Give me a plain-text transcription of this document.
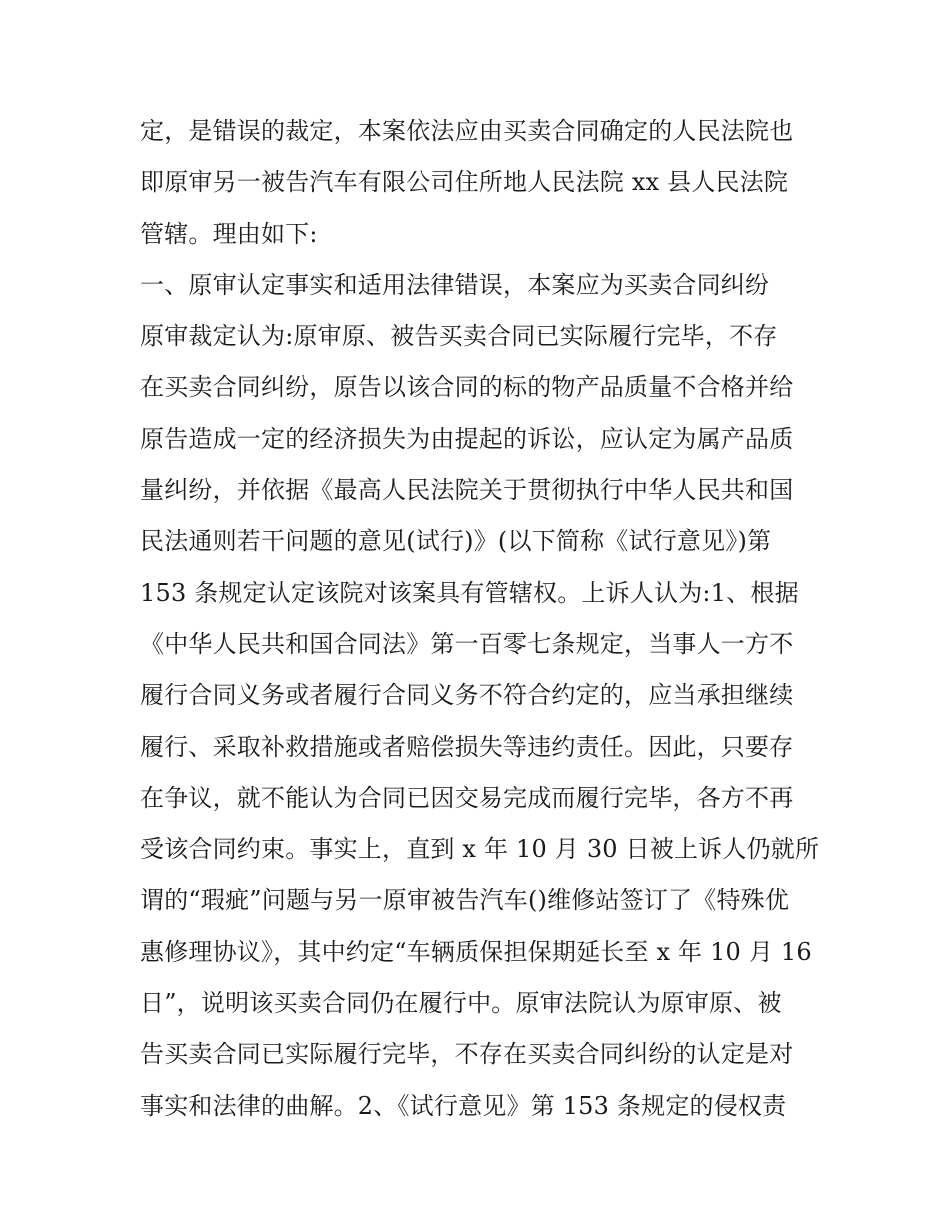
定，是错误的裁定，本案依法应由买卖合同确定的人民法院也
即原审另一被告汽车有限公司住所地人民法院 xx 县人民法院
管辖。理由如下:
一、原审认定事实和适用法律错误，本案应为买卖合同纠纷
原审裁定认为:原审原、被告买卖合同已实际履行完毕，不存
在买卖合同纠纷，原告以该合同的标的物产品质量不合格并给
原告造成一定的经济损失为由提起的诉讼，应认定为属产品质
量纠纷，并依据《最高人民法院关于贯彻执行中华人民共和国
民法通则若干问题的意见(试行)》(以下简称《试行意见》)第
153 条规定认定该院对该案具有管辖权。上诉人认为:1、根据
《中华人民共和国合同法》第一百零七条规定，当事人一方不
履行合同义务或者履行合同义务不符合约定的，应当承担继续
履行、采取补救措施或者赔偿损失等违约责任。因此，只要存
在争议，就不能认为合同已因交易完成而履行完毕，各方不再
受该合同约束。事实上，直到 x 年 10 月 30 日被上诉人仍就所
谓的“瑕疵”问题与另一原审被告汽车()维修站签订了《特殊优
惠修理协议》，其中约定“车辆质保担保期延长至 x 年 10 月 16
日”，说明该买卖合同仍在履行中。原审法院认为原审原、被
告买卖合同已实际履行完毕，不存在买卖合同纠纷的认定是对
事实和法律的曲解。2、《试行意见》第 153 条规定的侵权责
